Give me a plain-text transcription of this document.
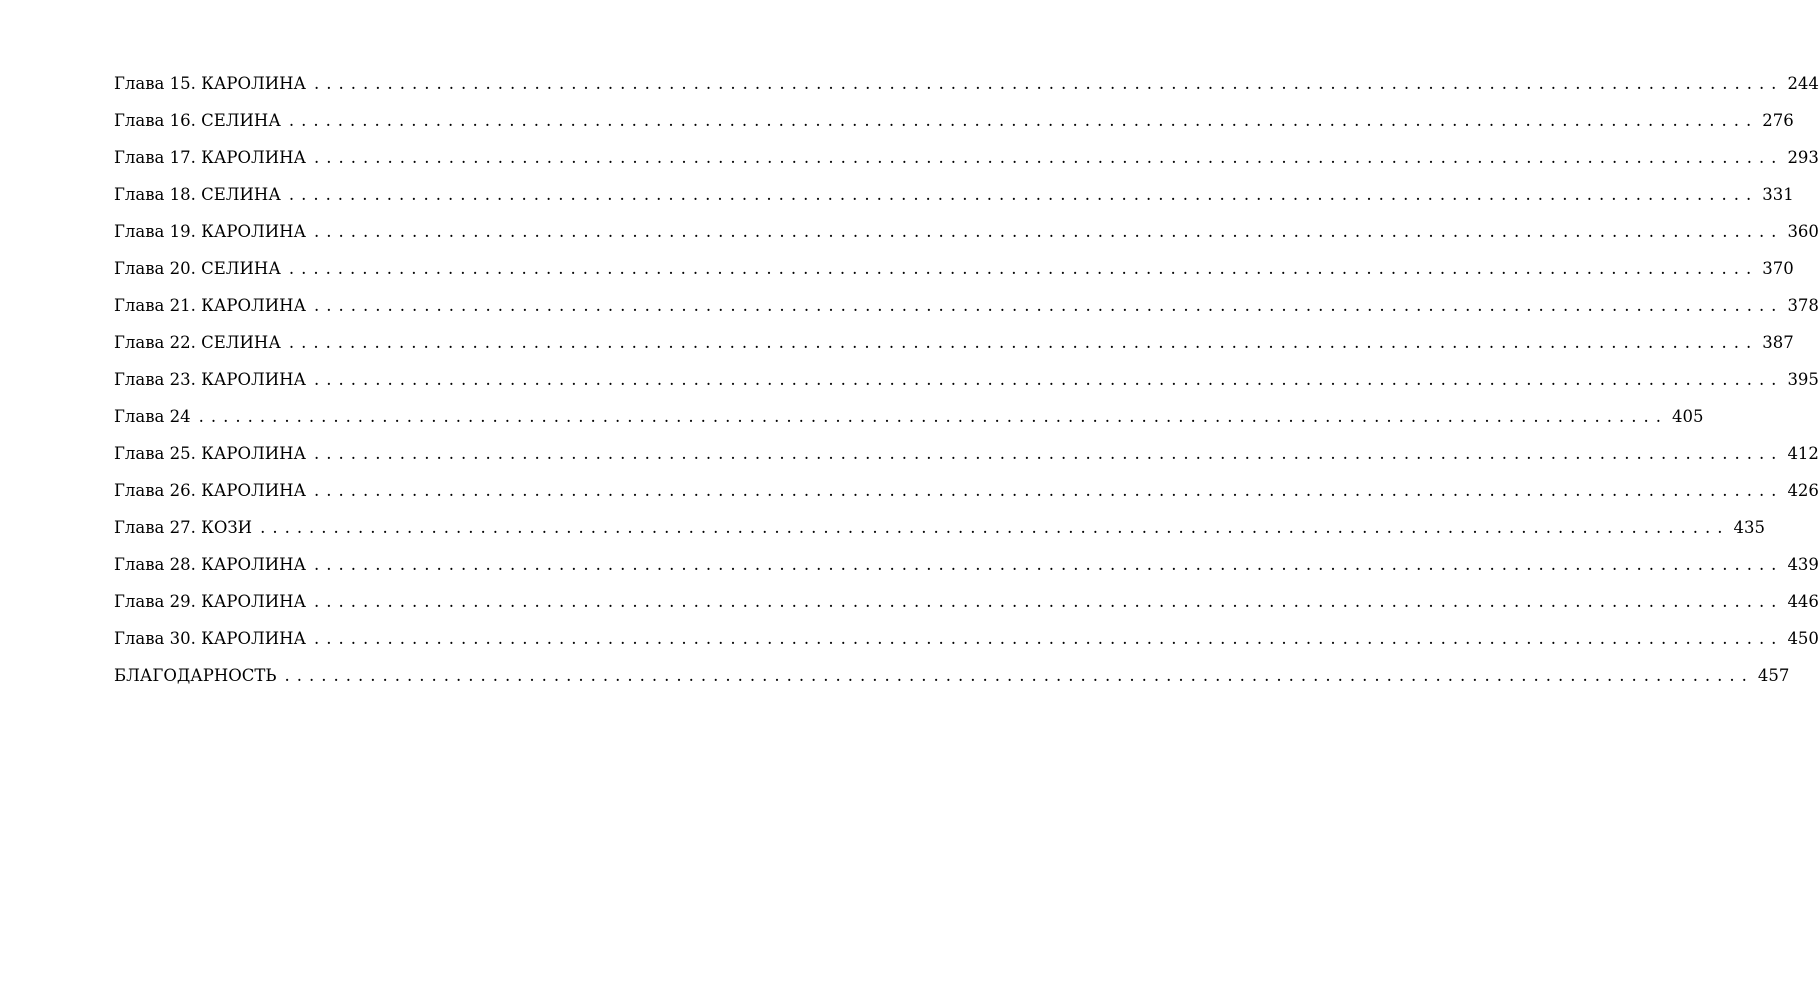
Глава 15. КАРОЛИНА ........................................................................................................................ 244
Глава 16. СЕЛИНА ........................................................................................................................ 276
Глава 17. КАРОЛИНА ........................................................................................................................ 293
Глава 18. СЕЛИНА ........................................................................................................................ 331
Глава 19. КАРОЛИНА ........................................................................................................................ 360
Глава 20. СЕЛИНА ........................................................................................................................ 370
Глава 21. КАРОЛИНА ........................................................................................................................ 378
Глава 22. СЕЛИНА ........................................................................................................................ 387
Глава 23. КАРОЛИНА ........................................................................................................................ 395
Глава 24 ........................................................................................................................ 405
Глава 25. КАРОЛИНА ........................................................................................................................ 412
Глава 26. КАРОЛИНА ........................................................................................................................ 426
Глава 27. КОЗИ ........................................................................................................................ 435
Глава 28. КАРОЛИНА ........................................................................................................................ 439
Глава 29. КАРОЛИНА ........................................................................................................................ 446
Глава 30. КАРОЛИНА ........................................................................................................................ 450
БЛАГОДАРНОСТЬ ........................................................................................................................ 457
